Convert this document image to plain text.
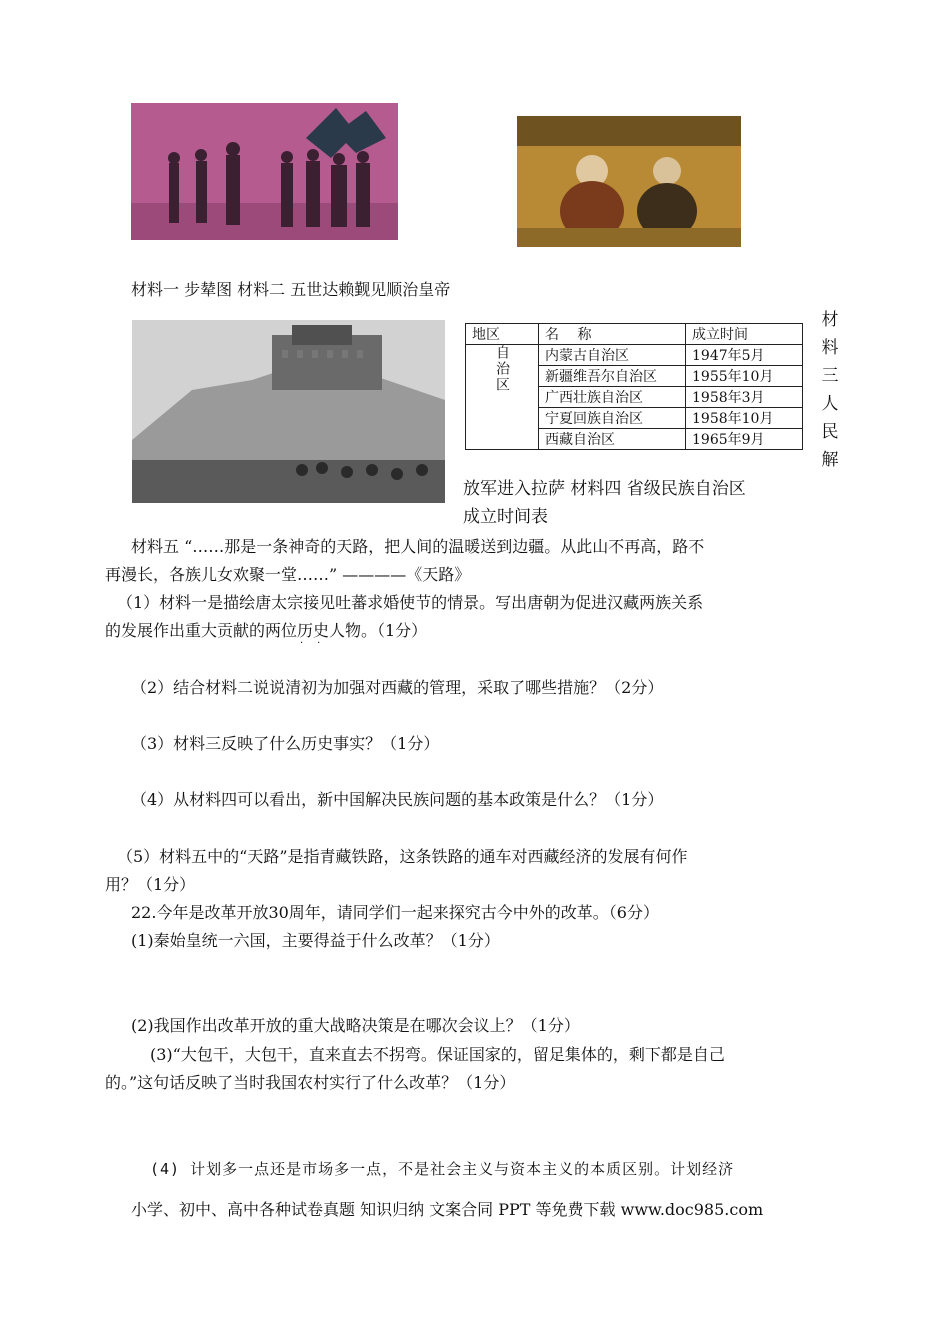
材料一 步辇图 材料二 五世达赖觐见顺治皇帝
地区	名　 称	成立时间
自治区	内蒙古自治区	1947年5月
	新疆维吾尔自治区	1955年10月
	广西壮族自治区	1958年3月
	宁夏回族自治区	1958年10月
	西藏自治区	1965年9月
材料三人民解
放军进入拉萨 材料四 省级民族自治区
成立时间表
材料五 “……那是一条神奇的天路，把人间的温暖送到边疆。从此山不再高，路不
再漫长，各族儿女欢聚一堂……” ————《天路》
（1）材料一是描绘唐太宗接见吐蕃求婚使节的情景。写出唐朝为促进汉藏两族关系
的发展作出重大贡献的两位历史人物。（1分）
··
（2）结合材料二说说清初为加强对西藏的管理，采取了哪些措施？（2分）
（3）材料三反映了什么历史事实？（1分）
（4）从材料四可以看出，新中国解决民族问题的基本政策是什么？（1分）
（5）材料五中的“天路”是指青藏铁路，这条铁路的通车对西藏经济的发展有何作
用？（1分）
22.今年是改革开放30周年，请同学们一起来探究古今中外的改革。（6分）
(1)秦始皇统一六国，主要得益于什么改革？（1分）
(2)我国作出改革开放的重大战略决策是在哪次会议上？（1分）
(3)“大包干，大包干，直来直去不拐弯。保证国家的，留足集体的，剩下都是自己
的。”这句话反映了当时我国农村实行了什么改革？（1分）
(4) 计划多一点还是市场多一点，不是社会主义与资本主义的本质区别。计划经济
小学、初中、高中各种试卷真题 知识归纳 文案合同 PPT 等免费下载 www.doc985.com
